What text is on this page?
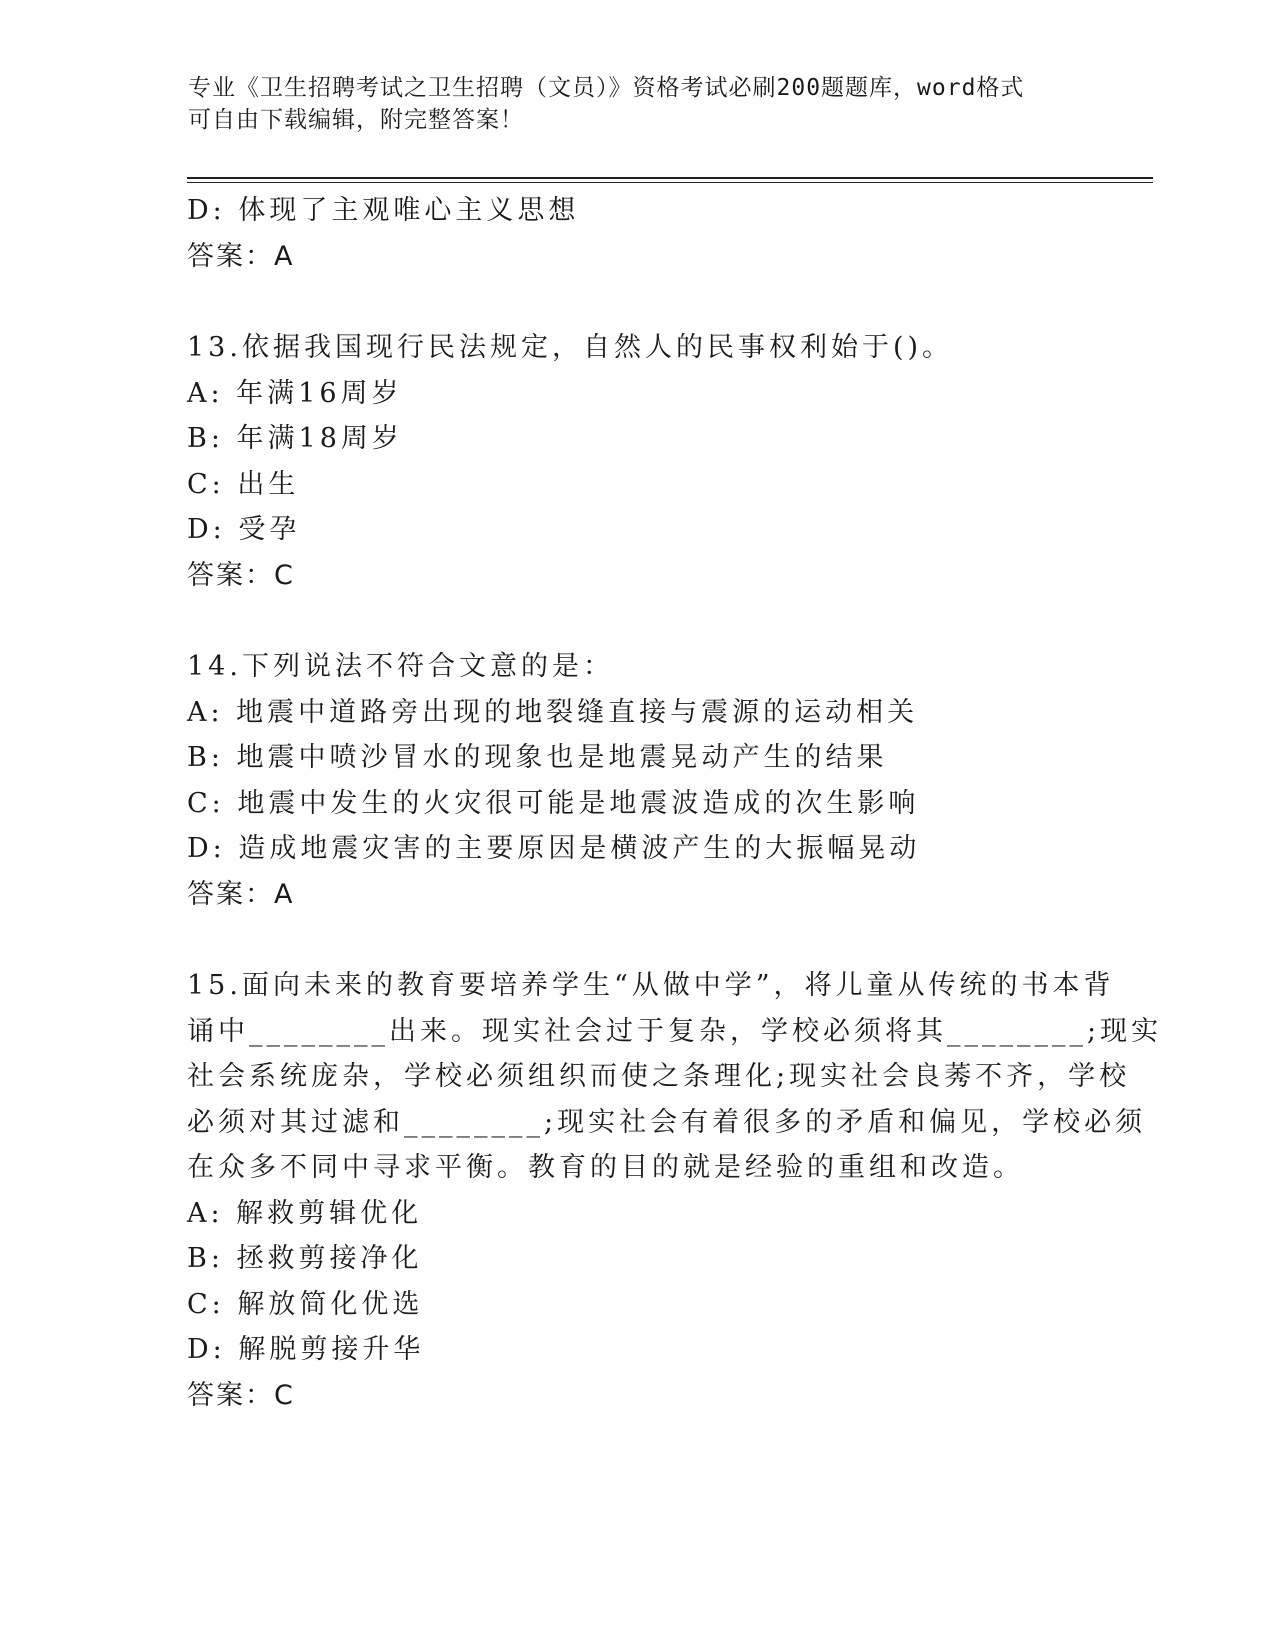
专业《卫生招聘考试之卫生招聘（文员）》资格考试必刷200题题库，word格式
可自由下载编辑，附完整答案！
D: 体现了主观唯心主义思想
答案：A
13.依据我国现行民法规定，自然人的民事权利始于()。
A: 年满16周岁
B: 年满18周岁
C: 出生
D: 受孕
答案：C
14.下列说法不符合文意的是：
A: 地震中道路旁出现的地裂缝直接与震源的运动相关
B: 地震中喷沙冒水的现象也是地震晃动产生的结果
C: 地震中发生的火灾很可能是地震波造成的次生影响
D: 造成地震灾害的主要原因是横波产生的大振幅晃动
答案：A
15.面向未来的教育要培养学生“从做中学”，将儿童从传统的书本背
诵中________出来。现实社会过于复杂，学校必须将其________;现实
社会系统庞杂，学校必须组织而使之条理化;现实社会良莠不齐，学校
必须对其过滤和________;现实社会有着很多的矛盾和偏见，学校必须
在众多不同中寻求平衡。教育的目的就是经验的重组和改造。
A: 解救剪辑优化
B: 拯救剪接净化
C: 解放简化优选
D: 解脱剪接升华
答案：C
